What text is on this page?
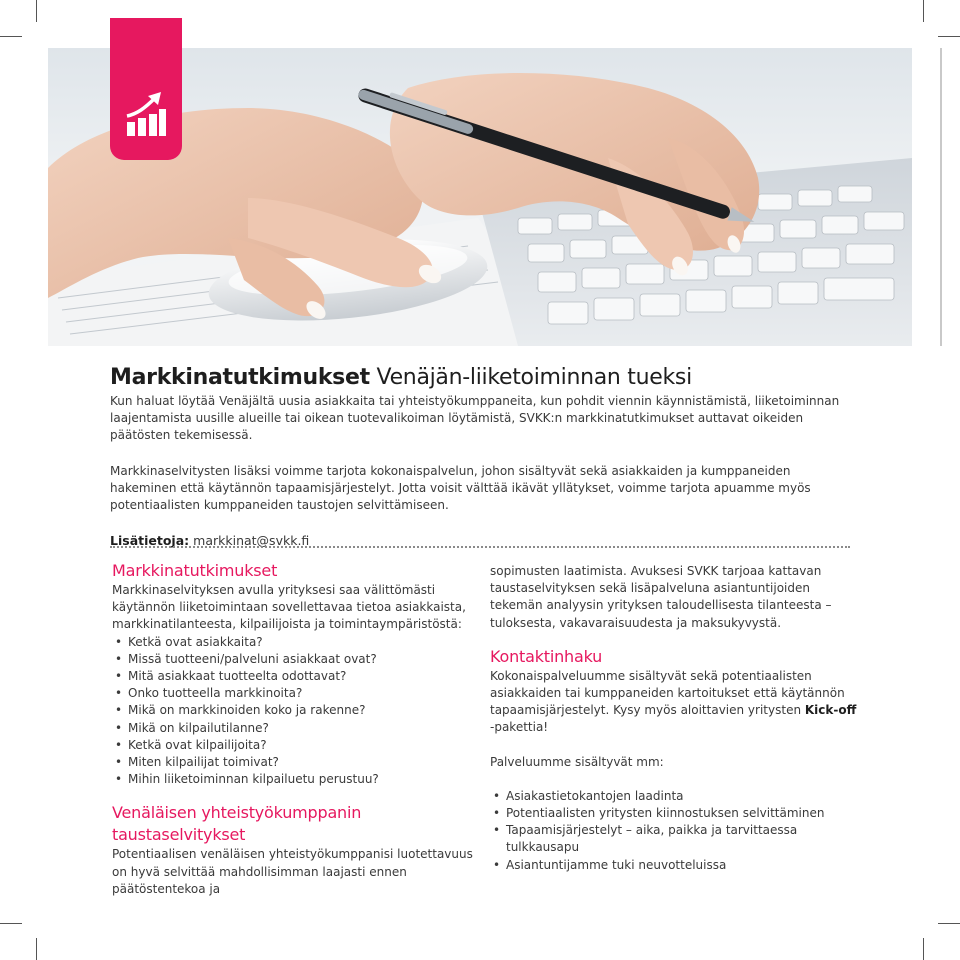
Markkinatutkimukset Venäjän-liiketoiminnan tueksi

Kun haluat löytää Venäjältä uusia asiakkaita tai yhteistyökumppaneita, kun pohdit viennin käynnistämistä, liiketoiminnan laajentamista uusille alueille tai oikean tuotevalikoiman löytämistä, SVKK:n markkinatutkimukset auttavat oikeiden päätösten tekemisessä.

Markkinaselvitysten lisäksi voimme tarjota kokonaispalvelun, johon sisältyvät sekä asiakkaiden ja kumppaneiden hakeminen että käytännön tapaamisjärjestelyt. Jotta voisit välttää ikävät yllätykset, voimme tarjota apuamme myös potentiaalisten kumppaneiden taustojen selvittämiseen.

Lisätietoja: markkinat@svkk.fi

Markkinatutkimukset

Markkinaselvityksen avulla yrityksesi saa välittömästi käytännön liiketoimintaan sovellettavaa tietoa asiakkaista, markkinatilanteesta, kilpailijoista ja toimintaympäristöstä:

• Ketkä ovat asiakkaita?
• Missä tuotteeni/palveluni asiakkaat ovat?
• Mitä asiakkaat tuotteelta odottavat?
• Onko tuotteella markkinoita?
• Mikä on markkinoiden koko ja rakenne?
• Mikä on kilpailutilanne?
• Ketkä ovat kilpailijoita?
• Miten kilpailijat toimivat?
• Mihin liiketoiminnan kilpailuetu perustuu?
Venäläisen yhteistyökumppanin taustaselvitykset

Potentiaalisen venäläisen yhteistyökumppanisi luotettavuus on hyvä selvittää mahdollisimman laajasti ennen päätöstentekoa ja

sopimusten laatimista. Avuksesi SVKK tarjoaa kattavan taustaselvityksen sekä lisäpalveluna asiantuntijoiden tekemän analyysin yrityksen taloudellisesta tilanteesta – tuloksesta, vakavaraisuudesta ja maksukyvystä.

Kontaktinhaku

Kokonaispalveluumme sisältyvät sekä potentiaalisten asiakkaiden tai kumppaneiden kartoitukset että käytännön tapaamisjärjestelyt. Kysy myös aloittavien yritysten Kick-off -pakettia!

Palveluumme sisältyvät mm:

• Asiakastietokantojen laadinta
• Potentiaalisten yritysten kiinnostuksen selvittäminen
• Tapaamisjärjestelyt – aika, paikka ja tarvittaessa tulkkausapu
• Asiantuntijamme tuki neuvotteluissa
